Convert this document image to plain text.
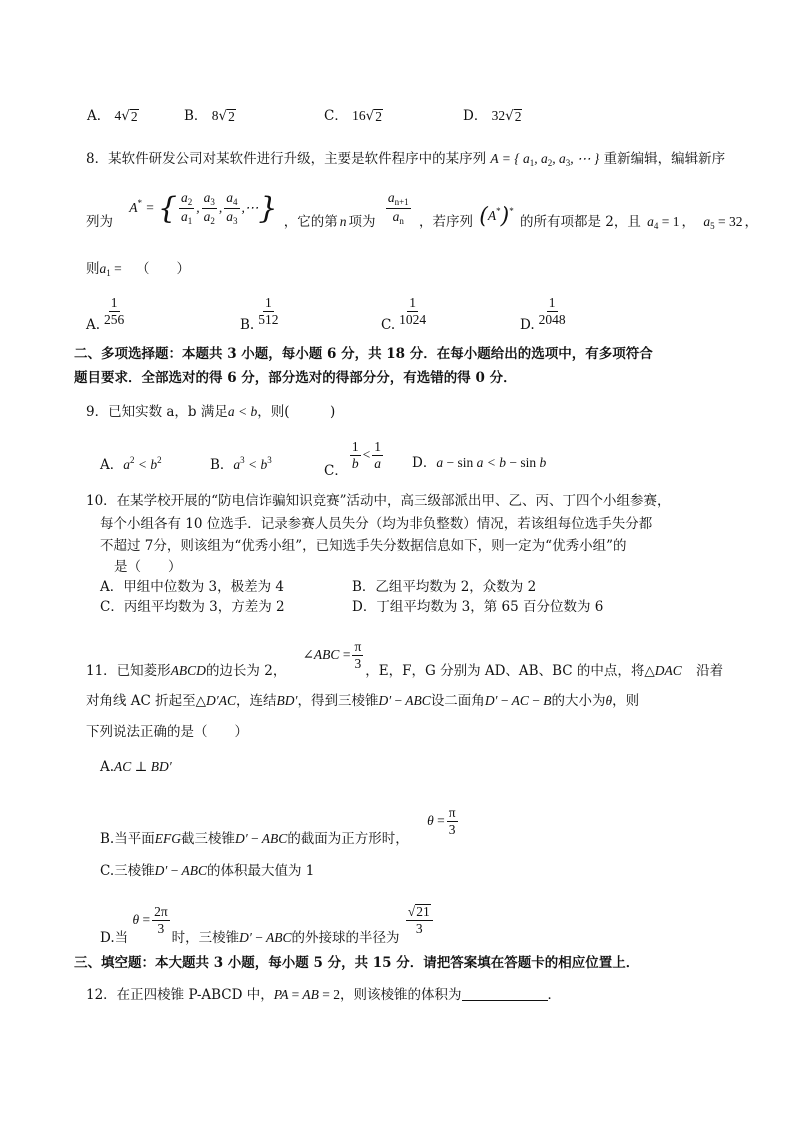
A． 4√ 2	B． 8√ 2	C． 16√ 2	D． 32√ 2
8．某软件研发公司对某软件进行升级，主要是软件程序中的某序列 A = { $a_1$, $a_2$, $a_3$, ⋯ } 重新编辑，编辑新序
列为 A* = { $\frac{a_2}{a_1}$ , $\frac{a_3}{a_2}$ , $\frac{a_4}{a_3}$ ,⋯} ，它的第 n 项为 $\frac{a_{n+1}}{a_n}$ ，若序列 (A*)* 的所有项都是 2，且 $a_4 = 1$ ， $a_5 = 32$ ，
则$a_1$ = （　　）
A. $\frac{1}{256}$	B. $\frac{1}{512}$	C. $\frac{1}{1024}$	D. $\frac{1}{2048}$
二、多项选择题：本题共 3 小题，每小题 6 分，共 18 分．在每小题给出的选项中，有多项符合
题目要求．全部选对的得 6 分，部分选对的得部分分，有选错的得 0 分．
9．已知实数 a，b 满足a < b，则(　　　)
A．$a^2 < b^2$	B．$a^3 < b^3$
C． $\frac{1}{b} < \frac{1}{a}$ D．a − sin a < b − sin b
10．在某学校开展的“防电信诈骗知识竞赛”活动中，高三级部派出甲、乙、丙、丁四个小组参赛，
每个小组各有 10 位选手．记录参赛人员失分（均为非负整数）情况，若该组每位选手失分都
不超过 7分，则该组为“优秀小组”，已知选手失分数据信息如下，则一定为“优秀小组”的
是（　　）
A．甲组中位数为 3，极差为 4	B．乙组平均数为 2，众数为 2
C．丙组平均数为 3，方差为 2	D．丁组平均数为 3，第 65 百分位数为 6
11．已知菱形ABCD的边长为 2， ∠ABC = $\frac{\pi}{3}$ ，E，F，G 分别为 AD、AB、BC 的中点，将△DAC 沿着
对角线 AC 折起至△D′AC，连结BD′，得到三棱锥D′ − ABC设二面角D′ − AC − B的大小为θ，则
下列说法正确的是（　　）
A.AC ⊥ BD′
B.当平面EFG截三棱锥D′ − ABC的截面为正方形时， $\theta = \frac{\pi}{3}$
C.三棱锥D′ − ABC的体积最大值为 1
D.当 $\theta = \frac{2\pi}{3}$
时，三棱锥D′ − ABC的外接球的半径为
$\frac{√ 21}{3}$
三、填空题：本大题共 3 小题，每小题 5 分，共 15 分．请把答案填在答题卡的相应位置上．
12．在正四棱锥 P-ABCD 中，PA = AB = 2，则该棱锥的体积为	．
